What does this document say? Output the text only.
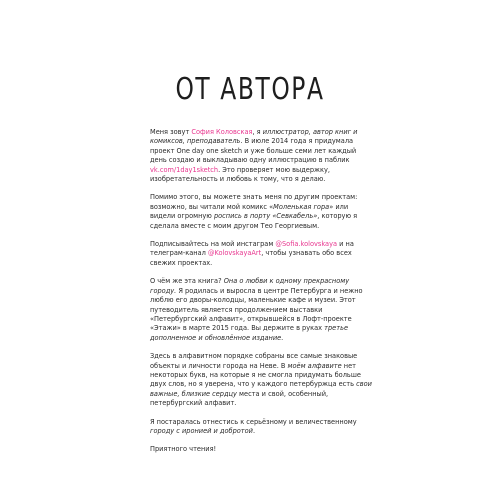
ОТ АВТОРА

Меня зовут София Коловская, я иллюстратор, автор книг и комиксов, преподаватель. В июле 2014 года я придумала проект One day one sketch и уже больше семи лет каждый день создаю и выкладываю одну иллюстрацию в паблик vk.com/1day1sketch. Это проверяет мою выдержку, изобретательность и любовь к тому, что я делаю.

Помимо этого, вы можете знать меня по другим проектам: возможно, вы читали мой комикс «Моленькая гора» или видели огромную роспись в порту «Севкабель», которую я сделала вместе с моим другом Тео Георгиевым.

Подписывайтесь на мой инстаграм @Sofia.kolovskaya и на телеграм-канал @KolovskayaArt, чтобы узнавать обо всех свежих проектах.

О чём же эта книга? Она о любви к одному прекрасному городу. Я родилась и выросла в центре Петербурга и нежно люблю его дворы-колодцы, маленькие кафе и музеи. Этот путеводитель является продолжением выставки «Петербургский алфавит», открывшейся в Лофт-проекте «Этажи» в марте 2015 года. Вы держите в руках третье дополненное и обновлённое издание.

Здесь в алфавитном порядке собраны все самые знаковые объекты и личности города на Неве. В моём алфавите нет некоторых букв, на которые я не смогла придумать больше двух слов, но я уверена, что у каждого петербуржца есть свои важные, близкие сердцу места и свой, особенный, петербургский алфавит.

Я постаралась отнестись к серьёзному и величественному городу с иронией и добротой.

Приятного чтения!
